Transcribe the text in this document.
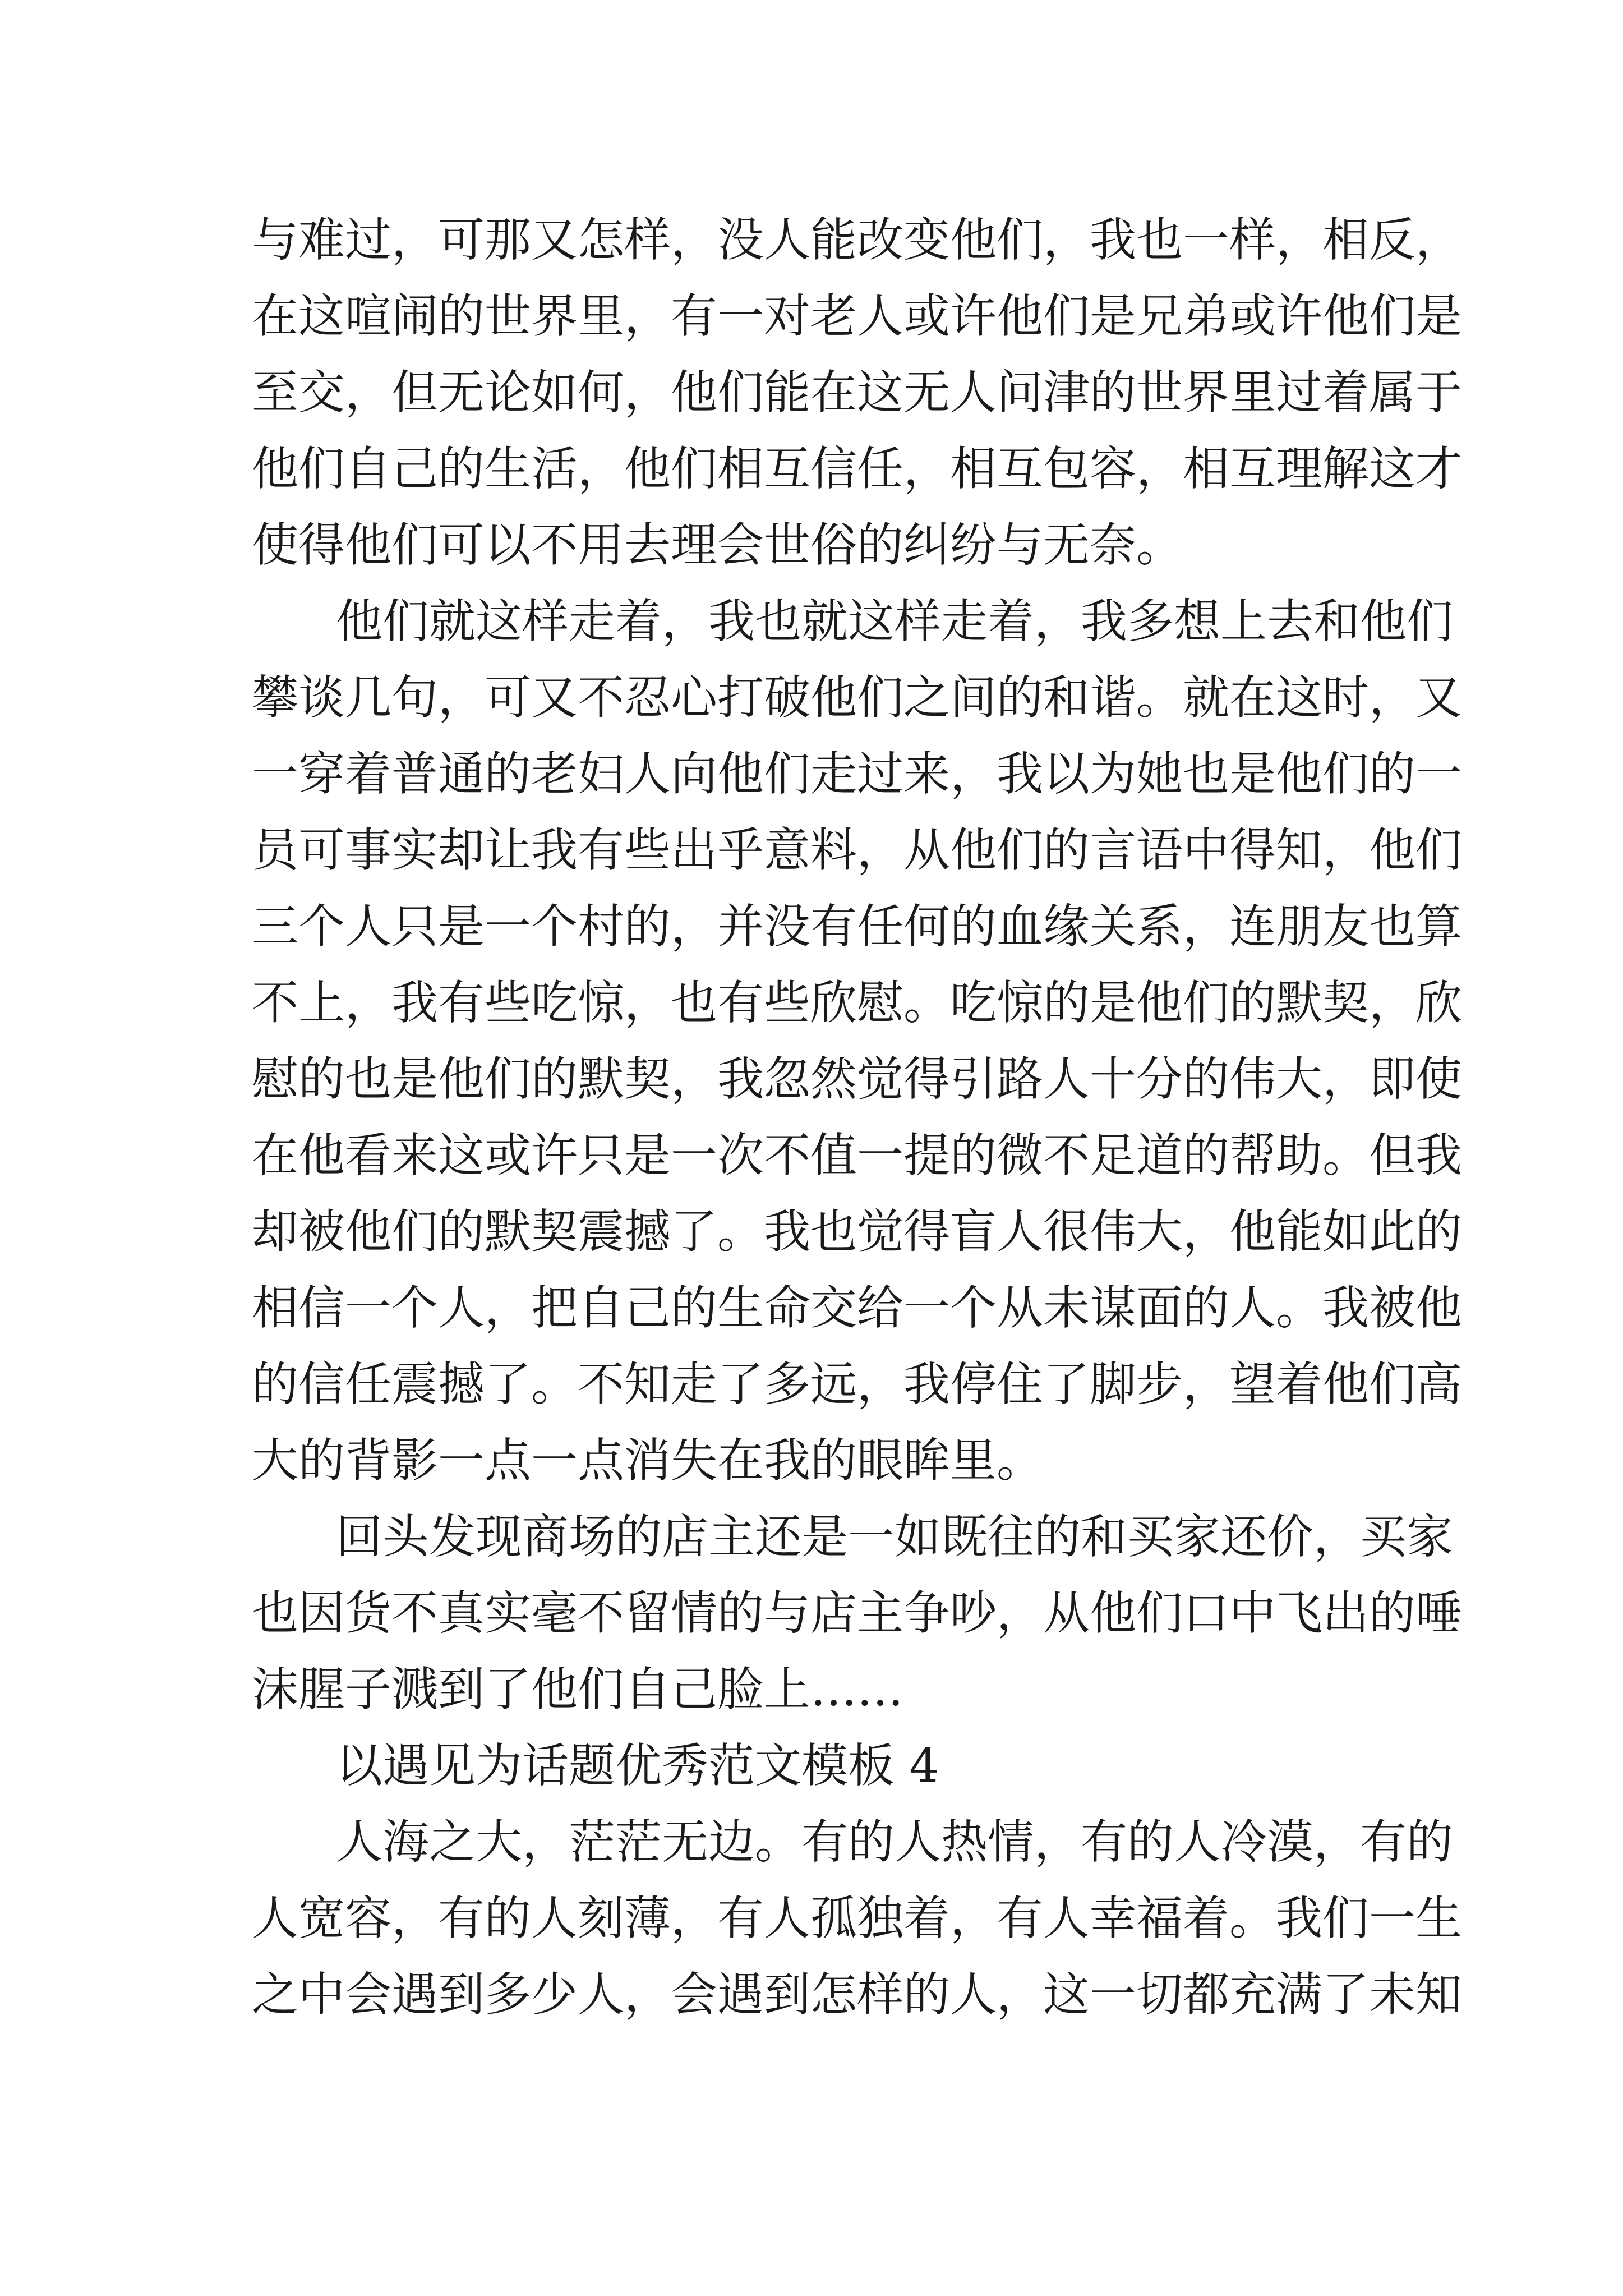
与难过，可那又怎样，没人能改变他们，我也一样，相反，
在这喧闹的世界里，有一对老人或许他们是兄弟或许他们是
至交，但无论如何，他们能在这无人问津的世界里过着属于
他们自己的生活，他们相互信任，相互包容，相互理解这才
使得他们可以不用去理会世俗的纠纷与无奈。
他们就这样走着，我也就这样走着，我多想上去和他们
攀谈几句，可又不忍心打破他们之间的和谐。就在这时，又
一穿着普通的老妇人向他们走过来，我以为她也是他们的一
员可事实却让我有些出乎意料，从他们的言语中得知，他们
三个人只是一个村的，并没有任何的血缘关系，连朋友也算
不上，我有些吃惊，也有些欣慰。吃惊的是他们的默契，欣
慰的也是他们的默契，我忽然觉得引路人十分的伟大，即使
在他看来这或许只是一次不值一提的微不足道的帮助。但我
却被他们的默契震撼了。我也觉得盲人很伟大，他能如此的
相信一个人，把自己的生命交给一个从未谋面的人。我被他
的信任震撼了。不知走了多远，我停住了脚步，望着他们高
大的背影一点一点消失在我的眼眸里。
回头发现商场的店主还是一如既往的和买家还价，买家
也因货不真实毫不留情的与店主争吵，从他们口中飞出的唾
沫腥子溅到了他们自己脸上……
以遇见为话题优秀范文模板 4
人海之大，茫茫无边。有的人热情，有的人冷漠，有的
人宽容，有的人刻薄，有人孤独着，有人幸福着。我们一生
之中会遇到多少人，会遇到怎样的人，这一切都充满了未知
